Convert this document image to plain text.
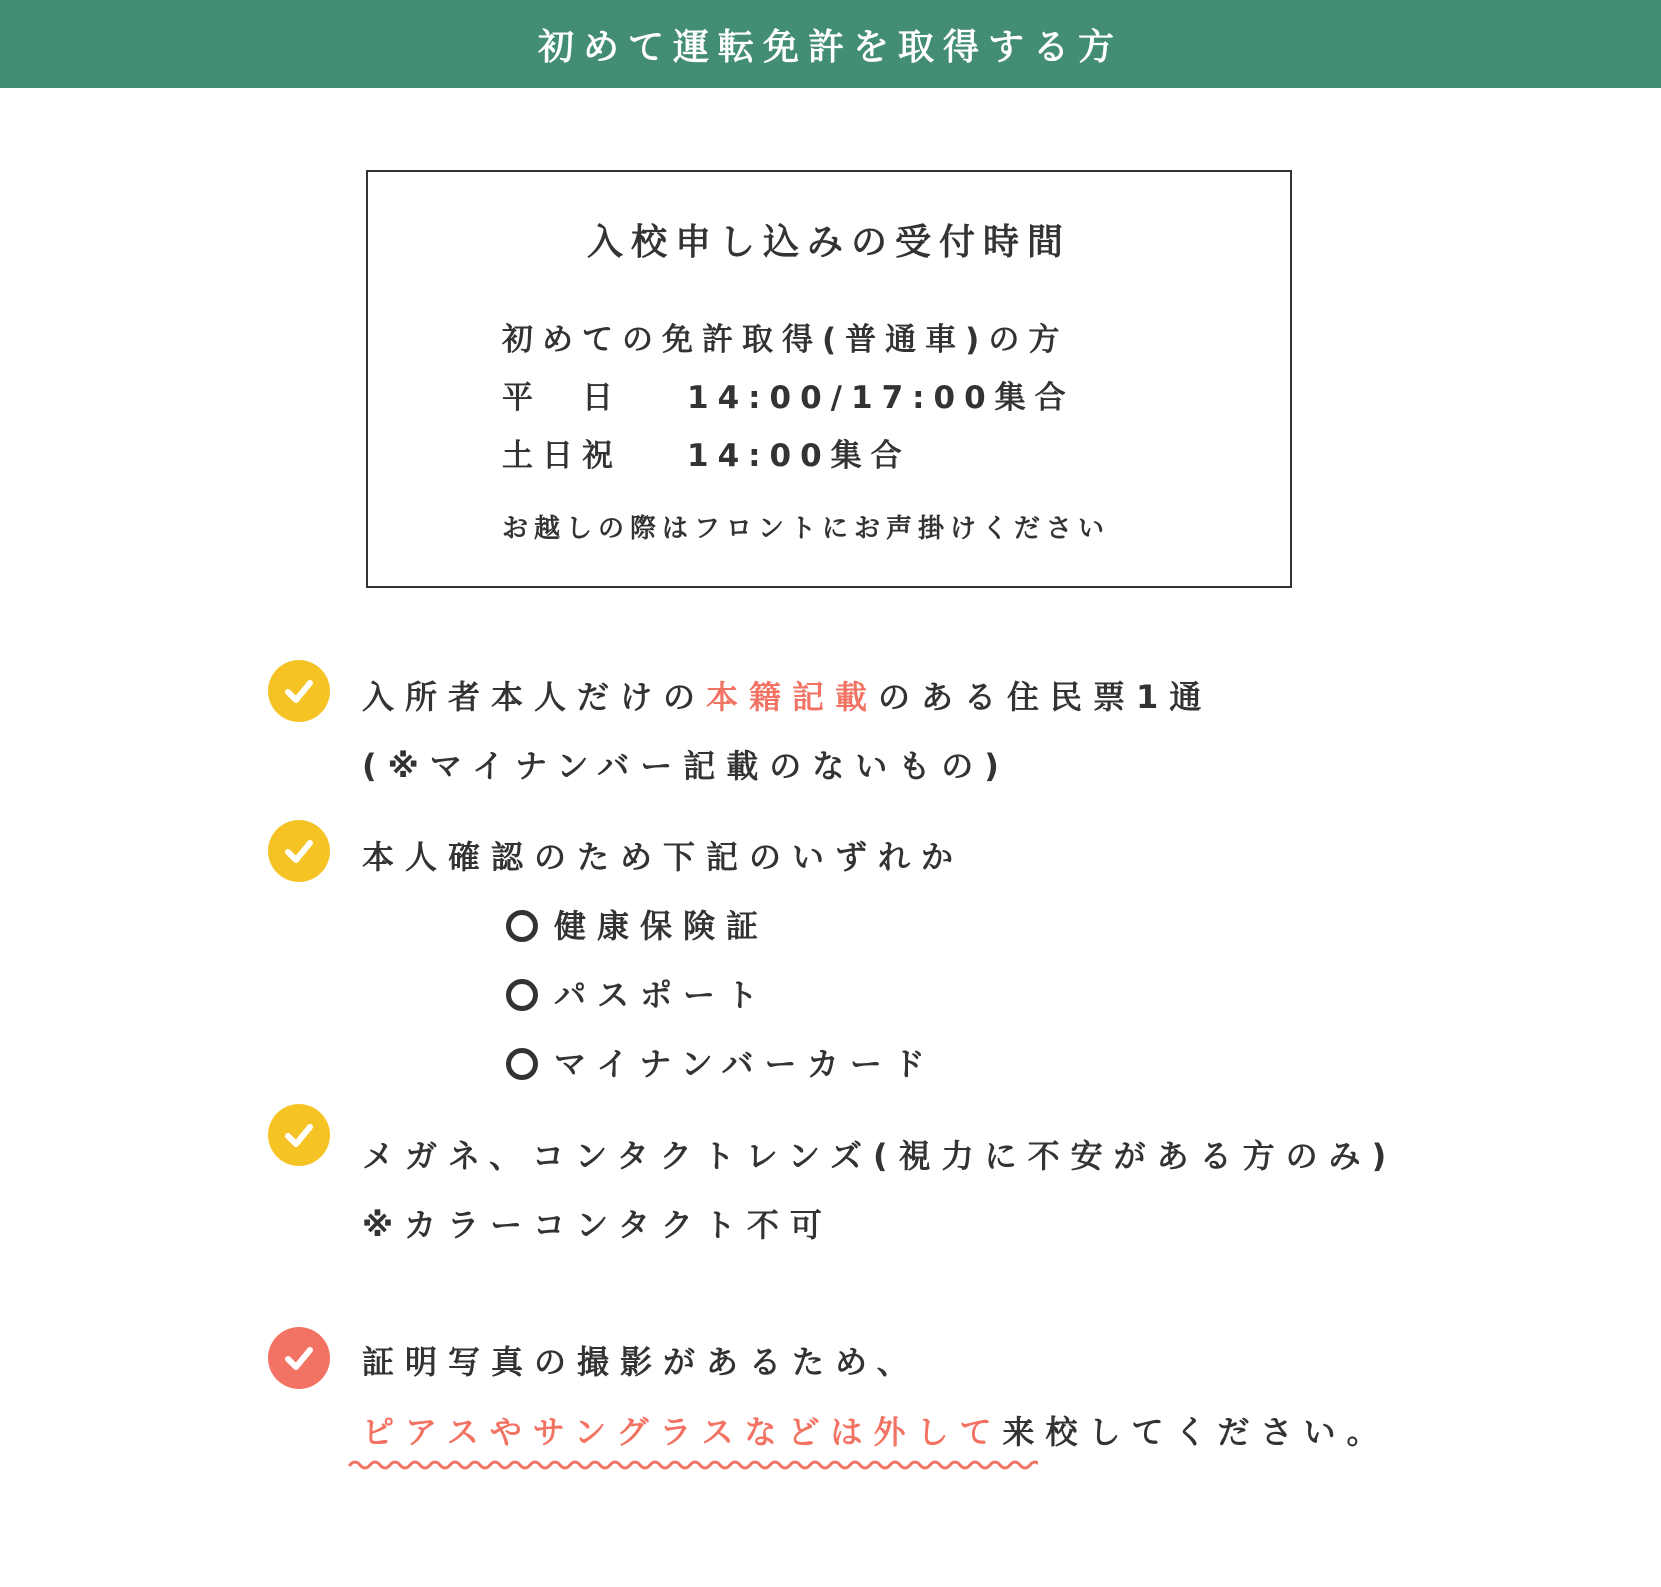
初めて運転免許を取得する方
入校申し込みの受付時間
初めての免許取得(普通車)の方
平　日 14:00/17:00集合
土日祝 14:00集合
お越しの際はフロントにお声掛けください
入所者本人だけの本籍記載のある住民票1通
(※マイナンバー記載のないもの)
本人確認のため下記のいずれか
健康保険証
パスポート
マイナンバーカード
メガネ、コンタクトレンズ(視力に不安がある方のみ)
※カラーコンタクト不可
証明写真の撮影があるため、
ピアスやサングラスなどは外して来校してください。
